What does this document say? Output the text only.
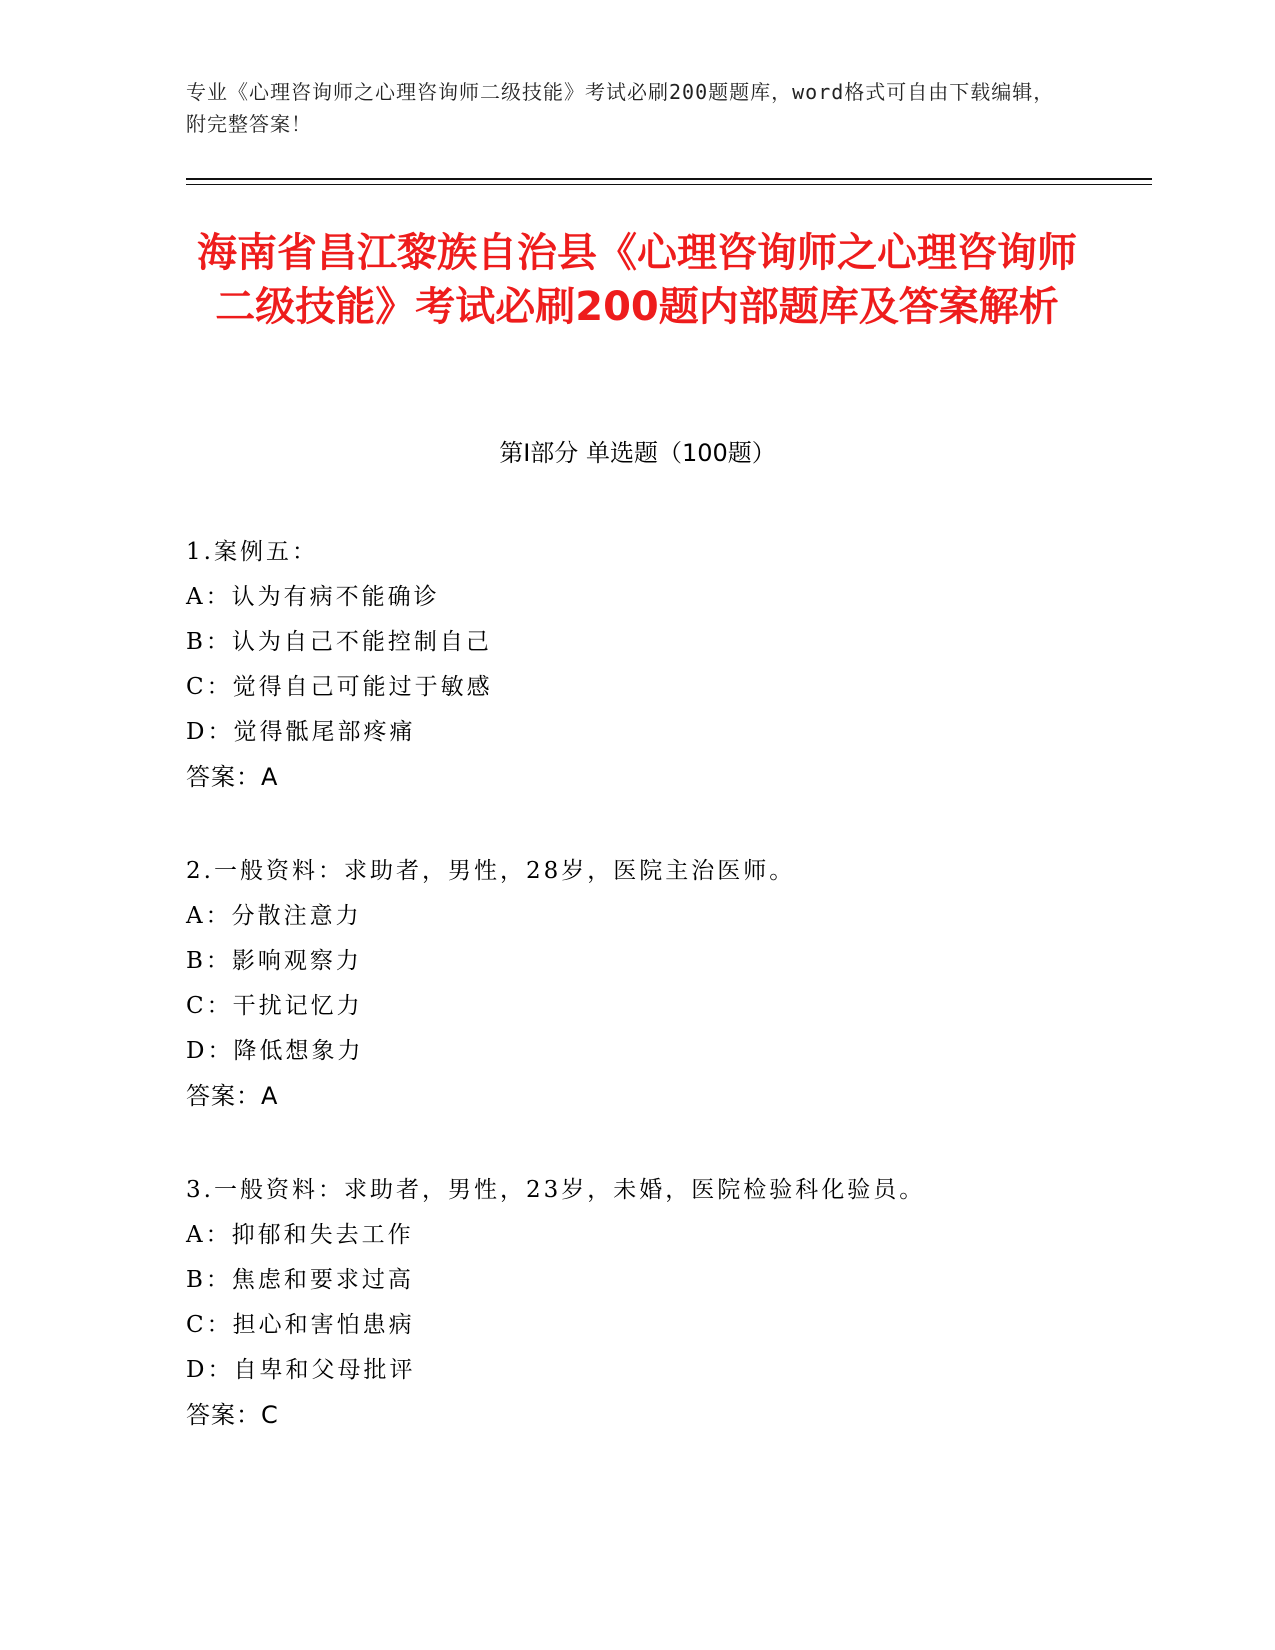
专业《心理咨询师之心理咨询师二级技能》考试必刷200题题库，word格式可自由下载编辑，附完整答案！
海南省昌江黎族自治县《心理咨询师之心理咨询师二级技能》考试必刷200题内部题库及答案解析
第Ⅰ部分 单选题（100题）
1.案例五：
A：认为有病不能确诊
B：认为自己不能控制自己
C：觉得自己可能过于敏感
D：觉得骶尾部疼痛
答案：A
2.一般资料：求助者，男性，28岁，医院主治医师。
A：分散注意力
B：影响观察力
C：干扰记忆力
D：降低想象力
答案：A
3.一般资料：求助者，男性，23岁，未婚，医院检验科化验员。
A：抑郁和失去工作
B：焦虑和要求过高
C：担心和害怕患病
D：自卑和父母批评
答案：C
